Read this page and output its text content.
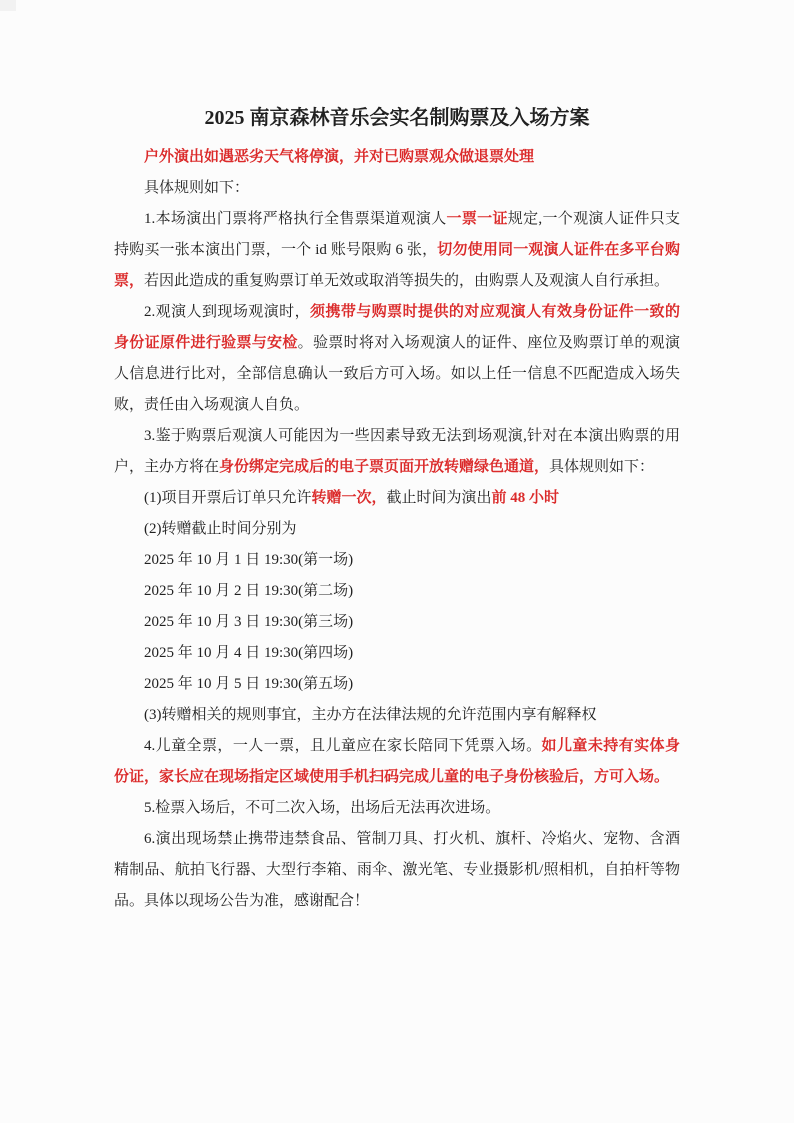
2025 南京森林音乐会实名制购票及入场方案

户外演出如遇恶劣天气将停演，并对已购票观众做退票处理

具体规则如下：

1.本场演出门票将严格执行全售票渠道观演人一票一证规定,一个观演人证件只支持购买一张本演出门票，一个 id 账号限购 6 张，切勿使用同一观演人证件在多平台购票，若因此造成的重复购票订单无效或取消等损失的，由购票人及观演人自行承担。

2.观演人到现场观演时，须携带与购票时提供的对应观演人有效身份证件一致的身份证原件进行验票与安检。验票时将对入场观演人的证件、座位及购票订单的观演人信息进行比对，全部信息确认一致后方可入场。如以上任一信息不匹配造成入场失败，责任由入场观演人自负。

3.鉴于购票后观演人可能因为一些因素导致无法到场观演,针对在本演出购票的用户，主办方将在身份绑定完成后的电子票页面开放转赠绿色通道，具体规则如下：

(1)项目开票后订单只允许转赠一次，截止时间为演出前 48 小时

(2)转赠截止时间分别为

2025 年 10 月 1 日 19:30(第一场)

2025 年 10 月 2 日 19:30(第二场)

2025 年 10 月 3 日 19:30(第三场)

2025 年 10 月 4 日 19:30(第四场)

2025 年 10 月 5 日 19:30(第五场)

(3)转赠相关的规则事宜，主办方在法律法规的允许范围内享有解释权

4.儿童全票，一人一票，且儿童应在家长陪同下凭票入场。如儿童未持有实体身份证，家长应在现场指定区域使用手机扫码完成儿童的电子身份核验后，方可入场。

5.检票入场后，不可二次入场，出场后无法再次进场。

6.演出现场禁止携带违禁食品、管制刀具、打火机、旗杆、冷焰火、宠物、含酒精制品、航拍飞行器、大型行李箱、雨伞、激光笔、专业摄影机/照相机，自拍杆等物品。具体以现场公告为准，感谢配合！
